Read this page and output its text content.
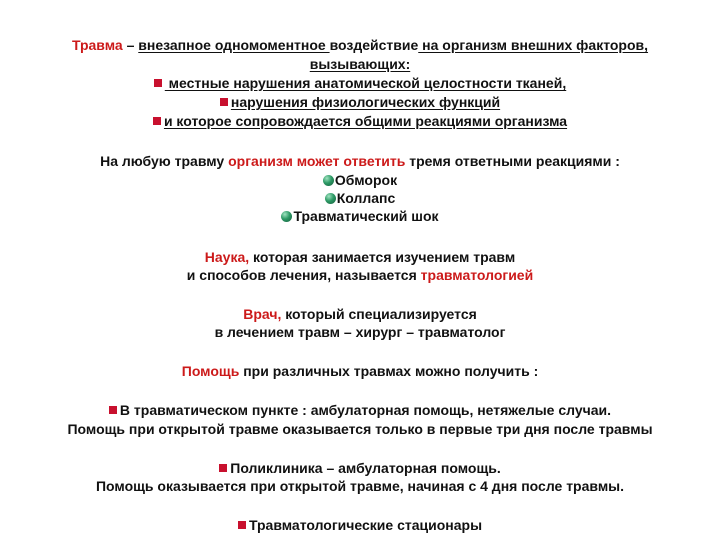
Травма – внезапное одномоментное воздействие на организм внешних факторов,
вызывающих:
местные нарушения анатомической целостности тканей,
нарушения физиологических функций
и которое сопровождается общими реакциями организма
На любую травму организм может ответить тремя ответными реакциями :
Обморок
Коллапс
Травматический шок
Наука, которая занимается изучением травм
и способов лечения, называется травматологией
Врач, который специализируется
в лечением травм – хирург – травматолог
Помощь при различных травмах можно получить :
В травматическом пункте : амбулаторная помощь, нетяжелые случаи.
Помощь при открытой травме оказывается только в первые три дня после травмы
Поликлиника – амбулаторная помощь.
Помощь оказывается при открытой травме, начиная с 4 дня после травмы.
Травматологические стационары
